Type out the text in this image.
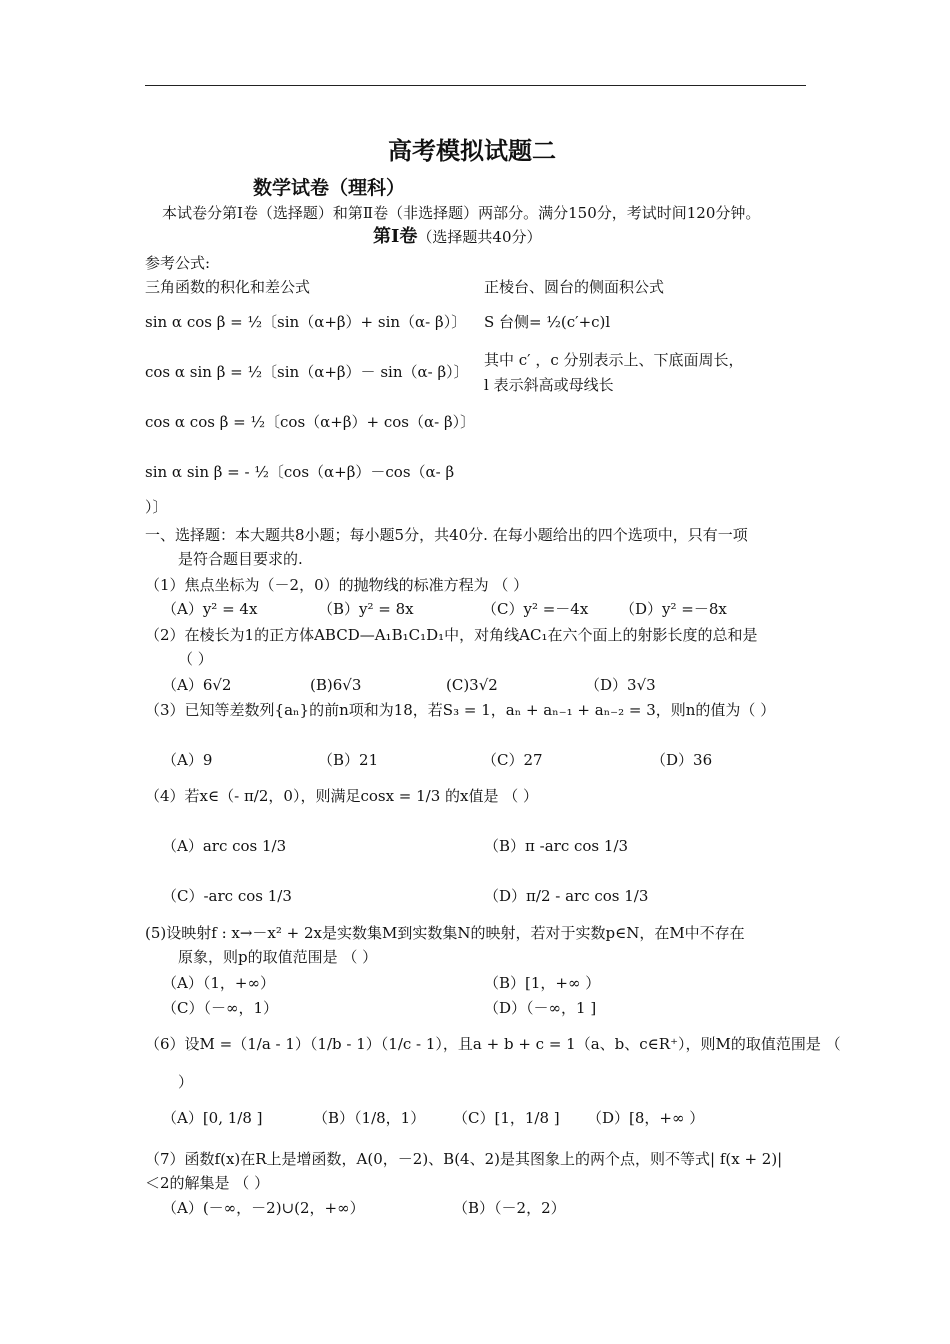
高考模拟试题二
数学试卷（理科）
本试卷分第Ⅰ卷（选择题）和第Ⅱ卷（非选择题）两部分。满分150分，考试时间120分钟。
第Ⅰ卷（选择题共40分）
参考公式:
三角函数的积化和差公式	正棱台、圆台的侧面积公式
sin α cos β = ½〔sin（α+β）+ sin（α- β）〕
cos α sin β = ½〔sin（α+β）－ sin（α- β）〕
cos α cos β = ½〔cos（α+β）+ cos（α- β）〕
sin α sin β = - ½〔cos（α+β）－cos（α- β
）〕
S 台侧= ½(c′+c)l
其中 c′ ，c 分别表示上、下底面周长，
l 表示斜高或母线长
一、选择题：本大题共8小题；每小题5分，共40分. 在每小题给出的四个选项中，只有一项
是符合题目要求的.
（1）焦点坐标为（－2，0）的抛物线的标准方程为 （ ）
（A）y² = 4x	（B）y² = 8x	（C）y² =－4x （D）y² =－8x
（2）在棱长为1的正方体ABCD—A₁B₁C₁D₁中，对角线AC₁在六个面上的射影长度的总和是
（ ）
（A）6√2	(B)6√3	(C)3√2	（D）3√3
（3）已知等差数列{aₙ}的前n项和为18，若S₃ = 1，aₙ + aₙ₋₁ + aₙ₋₂ = 3，则n的值为（ ）
（A）9	（B）21	（C）27	（D）36
（4）若x∈（- π/2，0），则满足cosx = 1/3 的x值是 （ ）
（A）arc cos 1/3	（B）π -arc cos 1/3
（C）-arc cos 1/3	（D）π/2 - arc cos 1/3
(5)设映射f : x→－x² + 2x是实数集M到实数集N的映射，若对于实数p∈N，在M中不存在
原象，则p的取值范围是 （ ）
（A）（1，+∞）	（B）[1，+∞ ）
（C）（－∞，1）	（D）（－∞，1 ]
（6）设M =（1/a - 1）（1/b - 1）（1/c - 1），且a + b + c = 1（a、b、c∈R⁺），则M的取值范围是 （
）
（A）[0, 1/8 ]	（B）（1/8，1） （C）[1，1/8 ] （D）[8，+∞ ）
（7）函数f(x)在R上是增函数，A(0，－2)、B(4、2)是其图象上的两个点，则不等式| f(x + 2)|
＜2的解集是 （ ）
（A）(－∞，－2)∪(2，+∞）	（B）（－2，2）
